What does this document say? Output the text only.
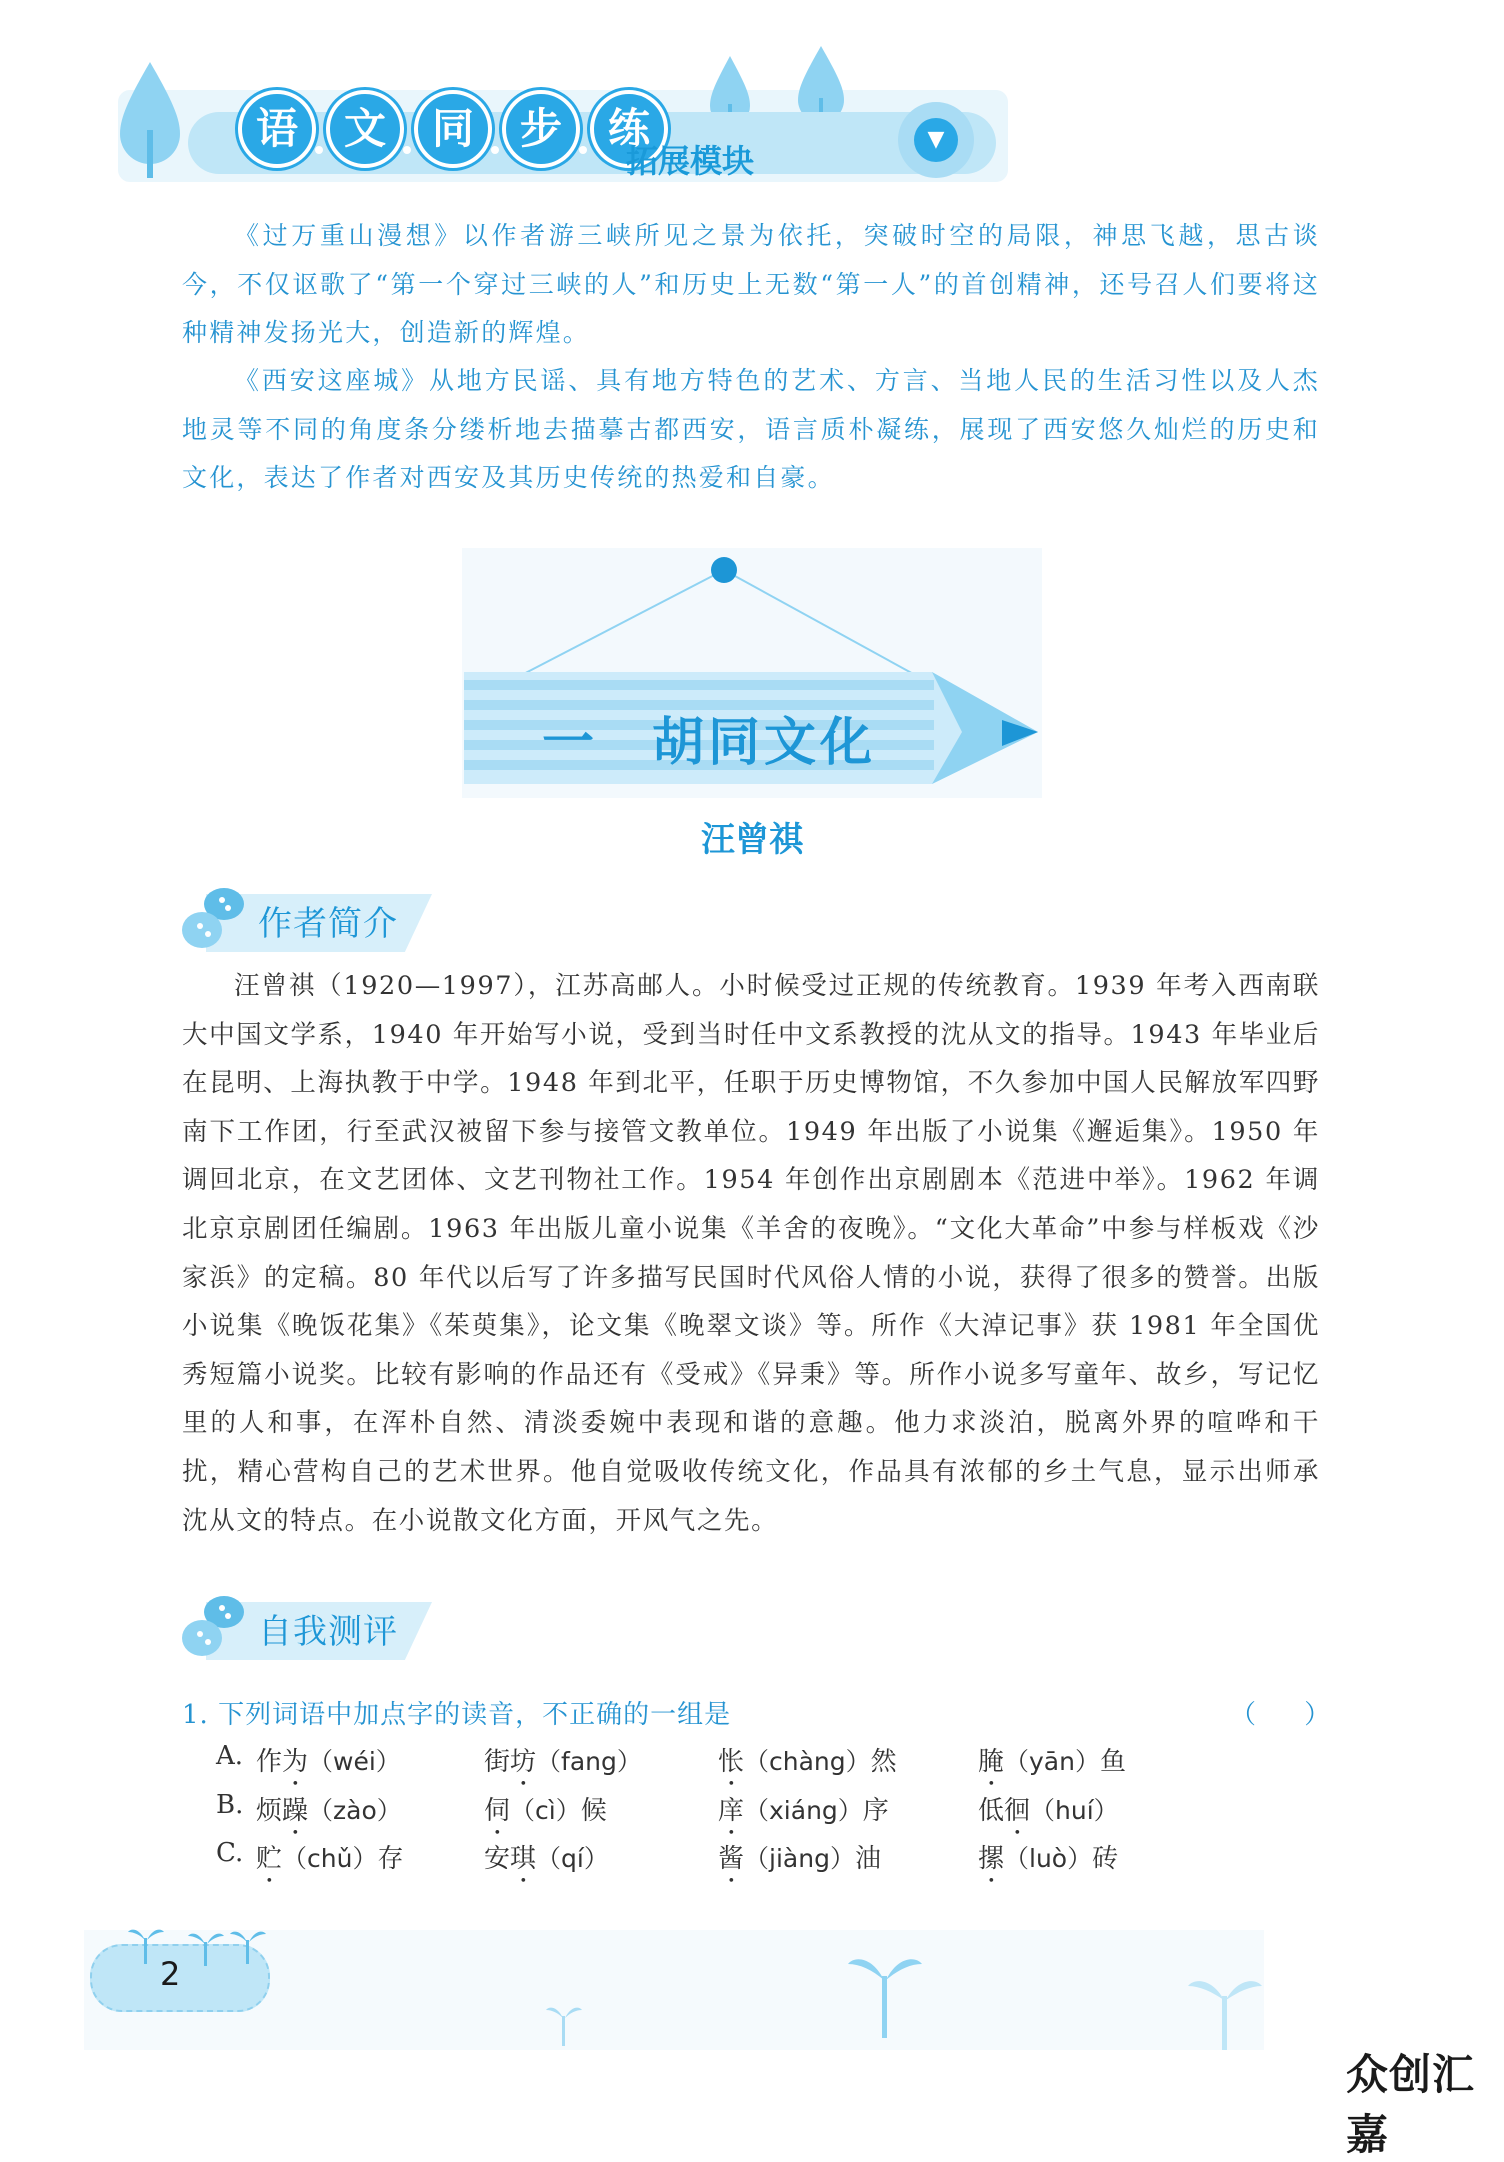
语	文	同	步	练
拓展模块
▼

《过万重山漫想》以作者游三峡所见之景为依托，突破时空的局限，神思飞越，思古谈今，不仅讴歌了“第一个穿过三峡的人”和历史上无数“第一人”的首创精神，还号召人们要将这种精神发扬光大，创造新的辉煌。

《西安这座城》从地方民谣、具有地方特色的艺术、方言、当地人民的生活习性以及人杰地灵等不同的角度条分缕析地去描摹古都西安，语言质朴凝练，展现了西安悠久灿烂的历史和文化，表达了作者对西安及其历史传统的热爱和自豪。

一 胡同文化
汪曾祺
作者简介

汪曾祺（1920—1997），江苏高邮人。小时候受过正规的传统教育。1939 年考入西南联大中国文学系，1940 年开始写小说，受到当时任中文系教授的沈从文的指导。1943 年毕业后在昆明、上海执教于中学。1948 年到北平，任职于历史博物馆，不久参加中国人民解放军四野南下工作团，行至武汉被留下参与接管文教单位。1949 年出版了小说集《邂逅集》。1950 年调回北京，在文艺团体、文艺刊物社工作。1954 年创作出京剧剧本《范进中举》。1962 年调北京京剧团任编剧。1963 年出版儿童小说集《羊舍的夜晚》。“文化大革命”中参与样板戏《沙家浜》的定稿。80 年代以后写了许多描写民国时代风俗人情的小说，获得了很多的赞誉。出版小说集《晚饭花集》《茱萸集》，论文集《晚翠文谈》等。所作《大淖记事》获 1981 年全国优秀短篇小说奖。比较有影响的作品还有《受戒》《异秉》等。所作小说多写童年、故乡，写记忆里的人和事，在浑朴自然、清淡委婉中表现和谐的意趣。他力求淡泊，脱离外界的喧哗和干扰，精心营构自己的艺术世界。他自觉吸收传统文化，作品具有浓郁的乡土气息，显示出师承沈从文的特点。在小说散文化方面，开风气之先。

自我测评
1. 下列词语中加点字的读音，不正确的一组是	（ ）
A. 作为（wéi）	街坊（fang）	怅（chàng）然	腌（yān）鱼
B. 烦躁（zào）	伺（cì）候	庠（xiáng）序	低徊（huí）
C. 贮（chǔ）存	安琪（qí）	酱（jiàng）油	摞（luò）砖
2
众创汇嘉
